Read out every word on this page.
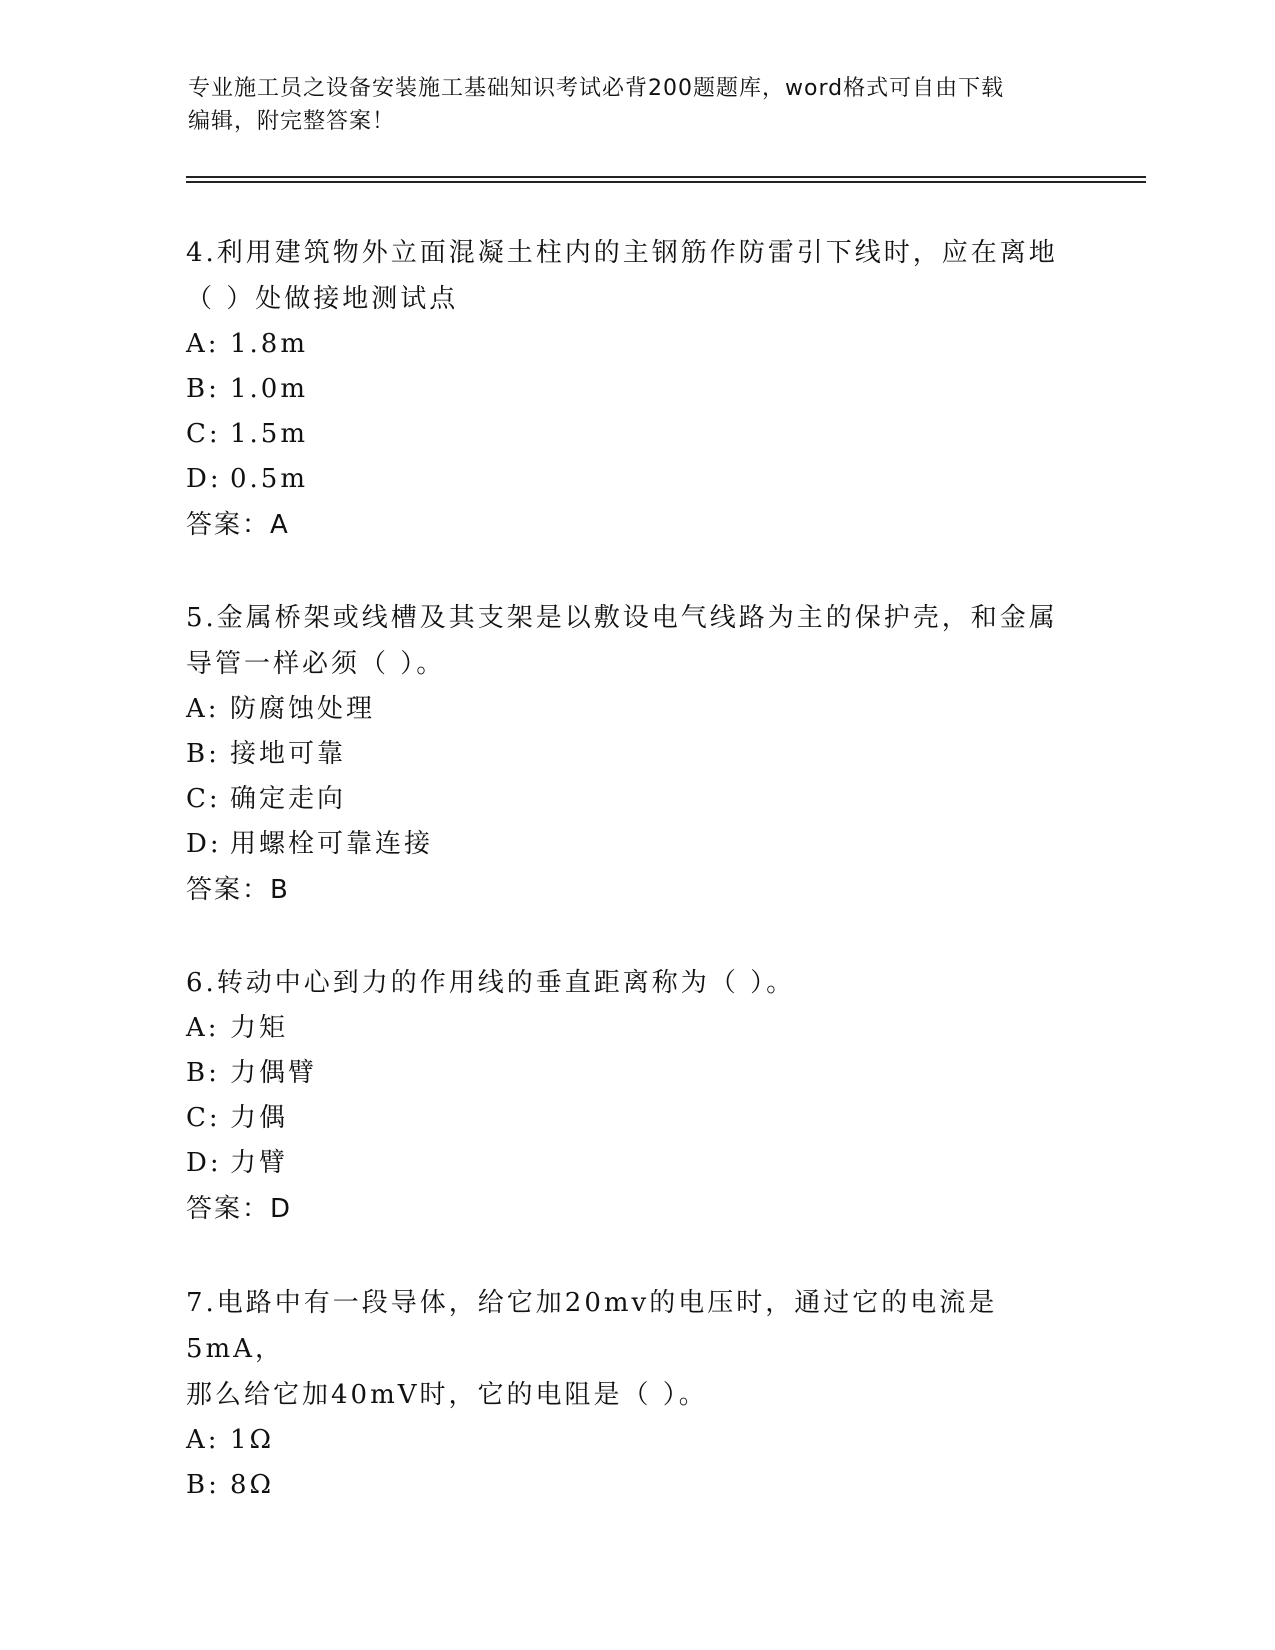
专业施工员之设备安装施工基础知识考试必背200题题库，word格式可自由下载
编辑，附完整答案！

4.利用建筑物外立面混凝土柱内的主钢筋作防雷引下线时，应在离地

（ ）处做接地测试点

A: 1.8m

B: 1.0m

C: 1.5m

D: 0.5m

答案：A

5.金属桥架或线槽及其支架是以敷设电气线路为主的保护壳，和金属

导管一样必须（ ）。

A: 防腐蚀处理

B: 接地可靠

C: 确定走向

D: 用螺栓可靠连接

答案：B

6.转动中心到力的作用线的垂直距离称为（ ）。

A: 力矩

B: 力偶臂

C: 力偶

D: 力臂

答案：D

7.电路中有一段导体，给它加20mv的电压时，通过它的电流是5mA，

那么给它加40mV时，它的电阻是（ ）。

A: 1Ω

B: 8Ω
